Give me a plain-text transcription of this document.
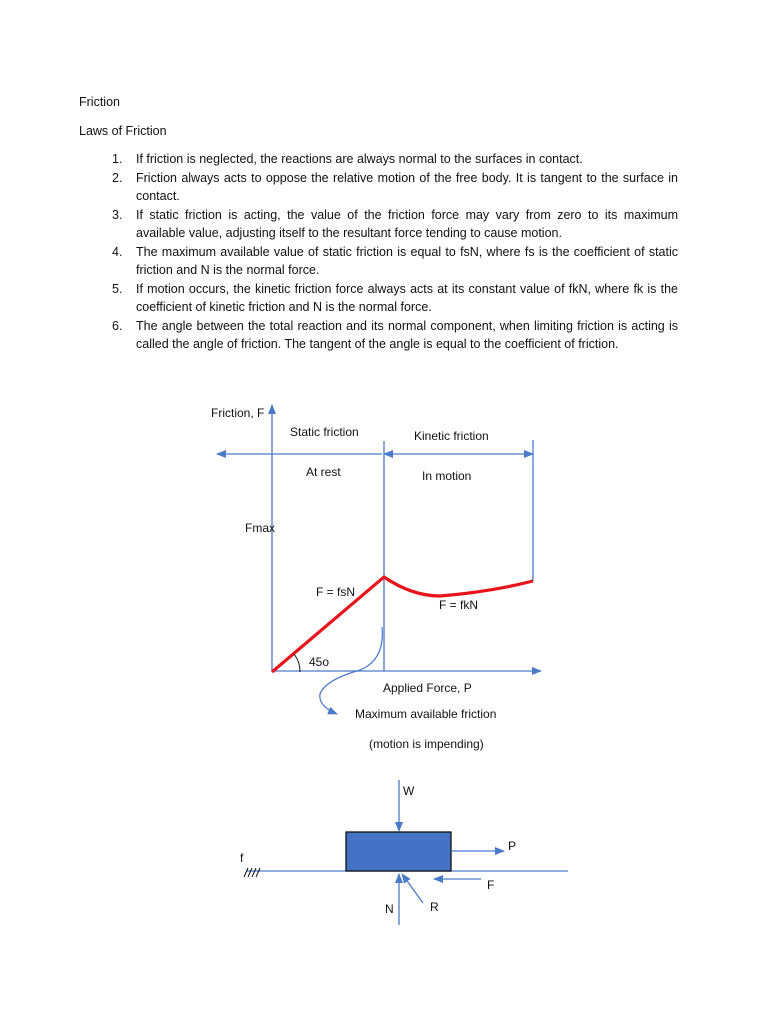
Friction
Laws of Friction
1. If friction is neglected, the reactions are always normal to the surfaces in contact.
2. Friction always acts to oppose the relative motion of the free body. It is tangent to the surface in contact.
3. If static friction is acting, the value of the friction force may vary from zero to its maximum available value, adjusting itself to the resultant force tending to cause motion.
4. The maximum available value of static friction is equal to fsN, where fs is the coefficient of static friction and N is the normal force.
5. If motion occurs, the kinetic friction force always acts at its constant value of fkN, where fk is the coefficient of kinetic friction and N is the normal force.
6. The angle between the total reaction and its normal component, when limiting friction is acting is called the angle of friction. The tangent of the angle is equal to the coefficient of friction.
Friction, F
Static friction	Kinetic friction
At rest	In motion
Fmax
F = fsN
F = fkN
45o
Applied Force, P
Maximum available friction
(motion is impending)
W
P
f
F
N	R
